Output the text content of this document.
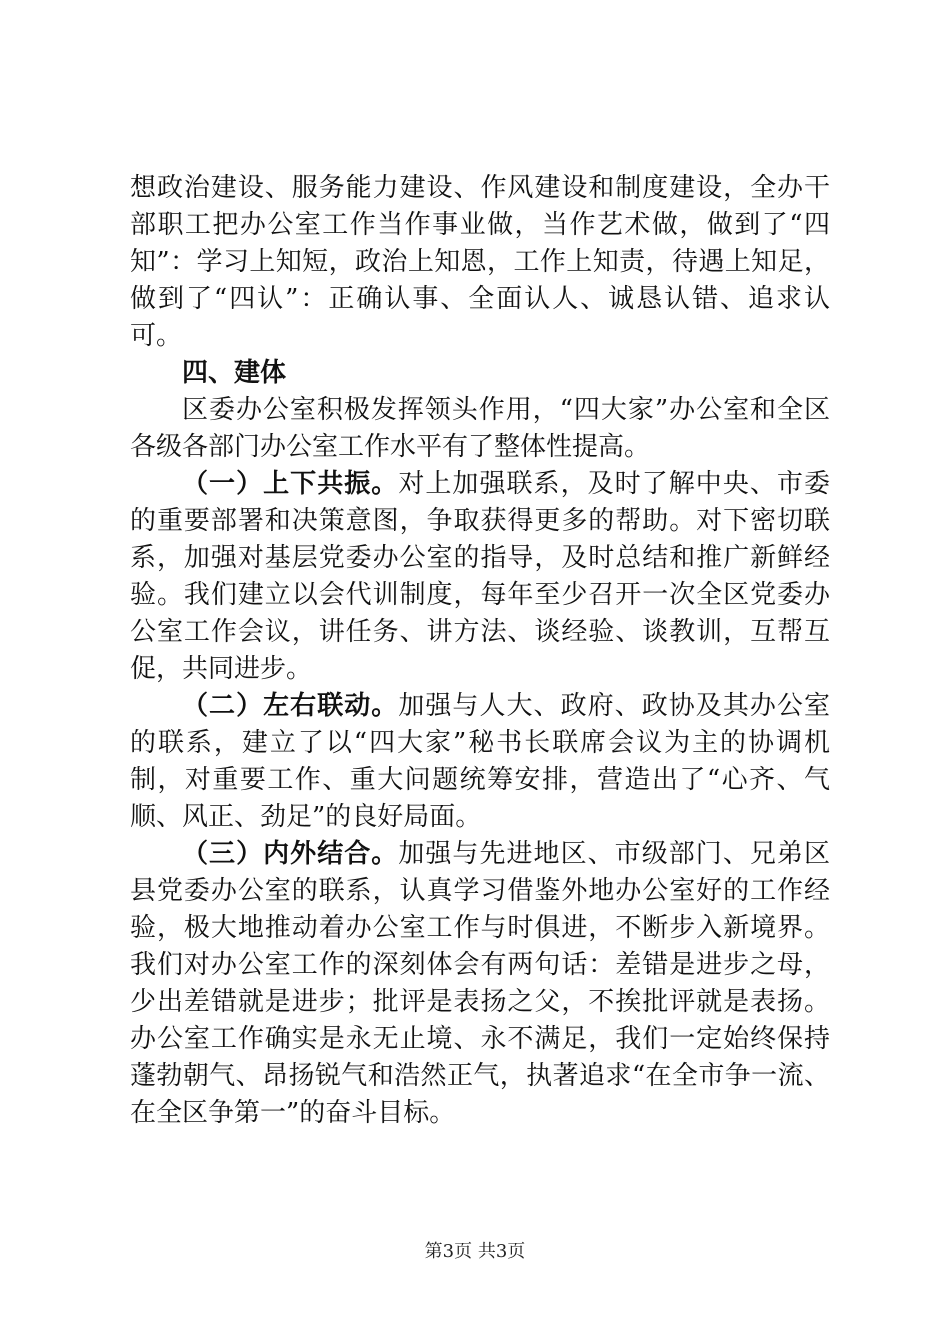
想政治建设、服务能力建设、作风建设和制度建设，全办干部职工把办公室工作当作事业做，当作艺术做，做到了“四知”：学习上知短，政治上知恩，工作上知责，待遇上知足，做到了“四认”：正确认事、全面认人、诚恳认错、追求认可。

四、建体

区委办公室积极发挥领头作用，“四大家”办公室和全区各级各部门办公室工作水平有了整体性提高。

（一）上下共振。对上加强联系，及时了解中央、市委的重要部署和决策意图，争取获得更多的帮助。对下密切联系，加强对基层党委办公室的指导，及时总结和推广新鲜经验。我们建立以会代训制度，每年至少召开一次全区党委办公室工作会议，讲任务、讲方法、谈经验、谈教训，互帮互促，共同进步。

（二）左右联动。加强与人大、政府、政协及其办公室的联系，建立了以“四大家”秘书长联席会议为主的协调机制，对重要工作、重大问题统筹安排，营造出了“心齐、气顺、风正、劲足”的良好局面。

（三）内外结合。加强与先进地区、市级部门、兄弟区县党委办公室的联系，认真学习借鉴外地办公室好的工作经验，极大地推动着办公室工作与时俱进，不断步入新境界。我们对办公室工作的深刻体会有两句话：差错是进步之母，少出差错就是进步；批评是表扬之父，不挨批评就是表扬。办公室工作确实是永无止境、永不满足，我们一定始终保持蓬勃朝气、昂扬锐气和浩然正气，执著追求“在全市争一流、在全区争第一”的奋斗目标。

第3页 共3页
